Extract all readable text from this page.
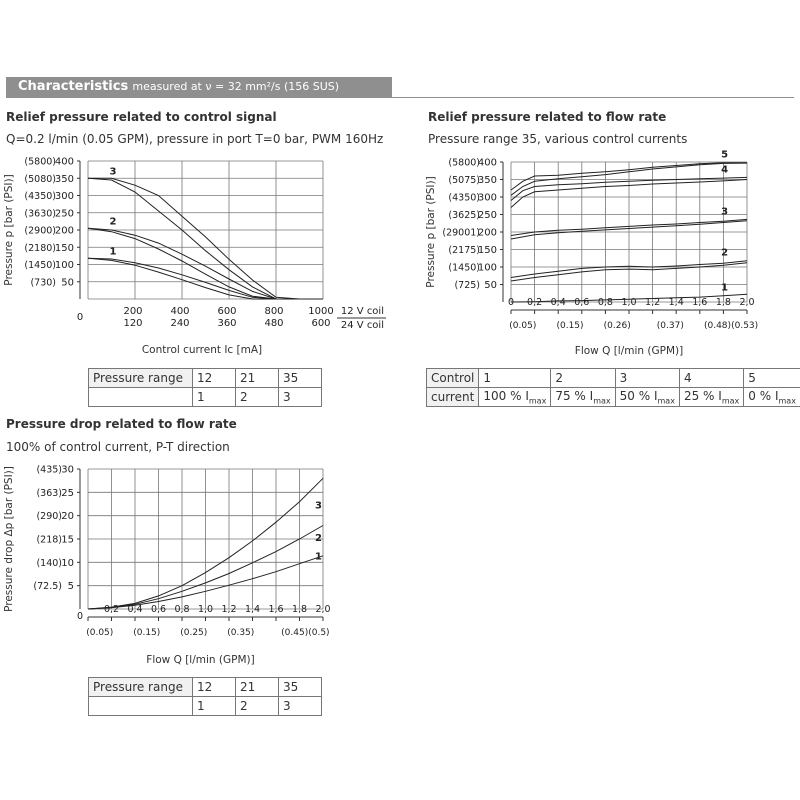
Characteristics measured at ν = 32 mm²/s (156 SUS)
Relief pressure related to control signal
Q=0.2 l/min (0.05 GPM), pressure in port T=0 bar, PWM 160Hz
50
(730)
100
(1450)
150
(2180)
200
(2900)
250
(3630)
300
(4350)
350
(5080)
400
(5800)
Pressure p [bar (PSI)]
3
2
1
0
200	400	600	800 1000
120	240	360	480	600
12 V coil
24 V coil
Control current Ic [mA]
Pressure range	12	21	35
	1	2	3
Relief pressure related to flow rate
Pressure range 35, various control currents
50
(725)
100
(1450)
150
(2175)
200
(29001)
250
(3625)
300
(4350)
350
(5075)
400
(5800)
Pressure p [bar (PSI)]
5
4
3
2
1
0 0,2 0,4 0,6 0,8 1,0 1,2 1,4 1,6 1,8 2,0
(0.05) (0.15) (0.26)	(0.37) (0.48) (0.53)
Flow Q [l/min (GPM)]
Control	1	2	3	4	5
current	100 % $I_{max}$	75 % $I_{max}$	50 % $I_{max}$	25 % $I_{max}$	0 % $I_{max}$
Pressure drop related to flow rate
100% of control current, P-T direction
5
(72.5)
10
(140)
15
(218)
20
(290)
25
(363)
30
(435)
Pressure drop Δp [bar (PSI)]	3
2
1
0
0,2 0,4 0,6 0,8 1,0 1,2 1,4 1,6 1,8 2,0
(0.05) (0.15) (0.25) (0.35)	(0.45)(0.5)
Flow Q [l/min (GPM)]
Pressure range	12	21	35
	1	2	3
